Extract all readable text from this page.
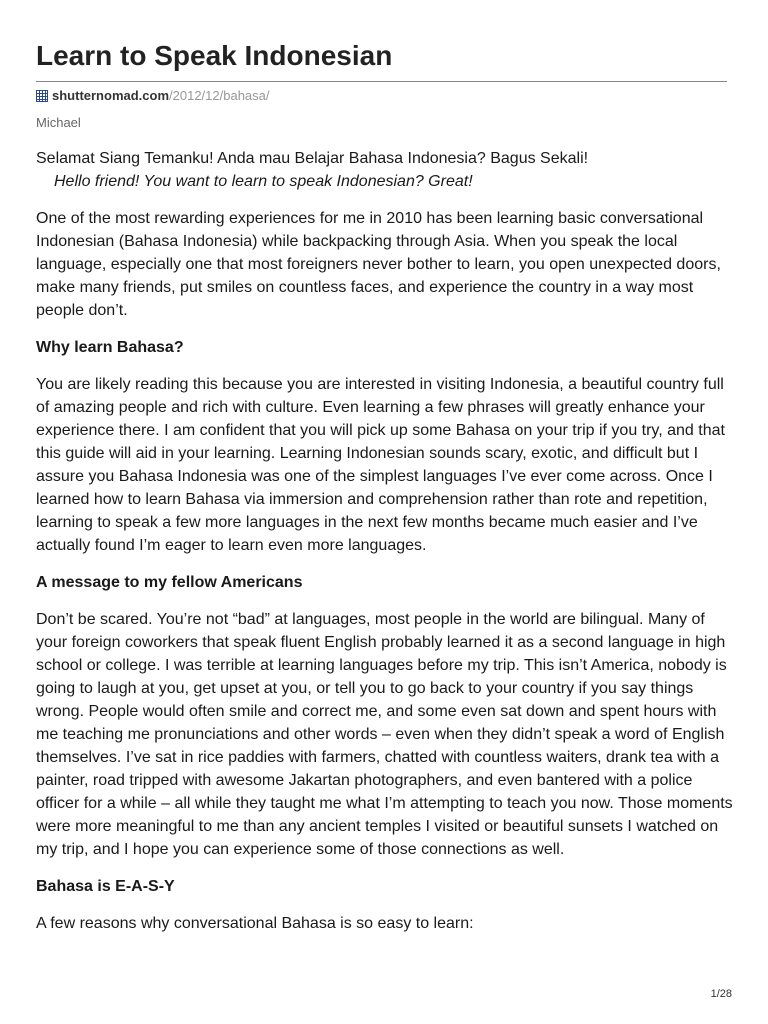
Learn to Speak Indonesian
shutternomad.com /2012/12/bahasa/
Michael

Selamat Siang Temanku! Anda mau Belajar Bahasa Indonesia? Bagus Sekali!
Hello friend! You want to learn to speak Indonesian? Great!

One of the most rewarding experiences for me in 2010 has been learning basic conversational Indonesian (Bahasa Indonesia) while backpacking through Asia. When you speak the local language, especially one that most foreigners never bother to learn, you open unexpected doors, make many friends, put smiles on countless faces, and experience the country in a way most people don’t.

Why learn Bahasa?

You are likely reading this because you are interested in visiting Indonesia, a beautiful country full of amazing people and rich with culture. Even learning a few phrases will greatly enhance your experience there. I am confident that you will pick up some Bahasa on your trip if you try, and that this guide will aid in your learning. Learning Indonesian sounds scary, exotic, and difficult but I assure you Bahasa Indonesia was one of the simplest languages I’ve ever come across. Once I learned how to learn Bahasa via immersion and comprehension rather than rote and repetition, learning to speak a few more languages in the next few months became much easier and I’ve actually found I’m eager to learn even more languages.

A message to my fellow Americans

Don’t be scared. You’re not “bad” at languages, most people in the world are bilingual. Many of your foreign coworkers that speak fluent English probably learned it as a second language in high school or college. I was terrible at learning languages before my trip. This isn’t America, nobody is going to laugh at you, get upset at you, or tell you to go back to your country if you say things wrong. People would often smile and correct me, and some even sat down and spent hours with me teaching me pronunciations and other words – even when they didn’t speak a word of English themselves. I’ve sat in rice paddies with farmers, chatted with countless waiters, drank tea with a painter, road tripped with awesome Jakartan photographers, and even bantered with a police officer for a while – all while they taught me what I’m attempting to teach you now. Those moments were more meaningful to me than any ancient temples I visited or beautiful sunsets I watched on my trip, and I hope you can experience some of those connections as well.

Bahasa is E-A-S-Y

A few reasons why conversational Bahasa is so easy to learn:

1/28
